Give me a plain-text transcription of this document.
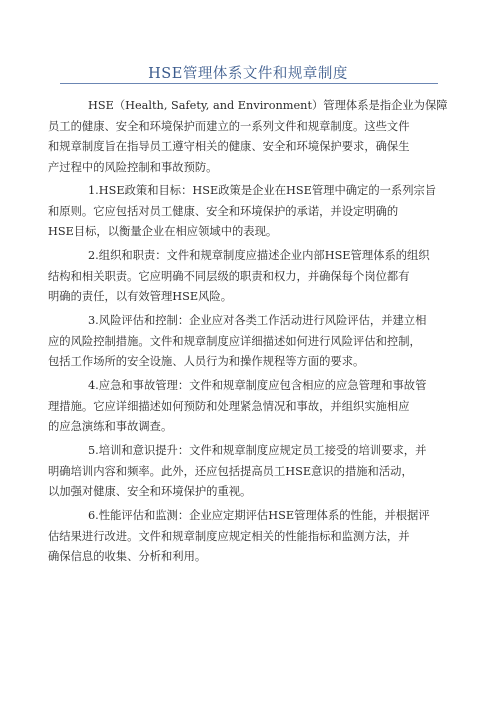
HSE管理体系文件和规章制度
HSE（Health, Safety, and Environment）管理体系是指企业为保障
员工的健康、安全和环境保护而建立的一系列文件和规章制度。这些文件
和规章制度旨在指导员工遵守相关的健康、安全和环境保护要求，确保生
产过程中的风险控制和事故预防。
1.HSE政策和目标：HSE政策是企业在HSE管理中确定的一系列宗旨
和原则。它应包括对员工健康、安全和环境保护的承诺，并设定明确的
HSE目标，以衡量企业在相应领域中的表现。
2.组织和职责：文件和规章制度应描述企业内部HSE管理体系的组织
结构和相关职责。它应明确不同层级的职责和权力，并确保每个岗位都有
明确的责任，以有效管理HSE风险。
3.风险评估和控制：企业应对各类工作活动进行风险评估，并建立相
应的风险控制措施。文件和规章制度应详细描述如何进行风险评估和控制，
包括工作场所的安全设施、人员行为和操作规程等方面的要求。
4.应急和事故管理：文件和规章制度应包含相应的应急管理和事故管
理措施。它应详细描述如何预防和处理紧急情况和事故，并组织实施相应
的应急演练和事故调查。
5.培训和意识提升：文件和规章制度应规定员工接受的培训要求，并
明确培训内容和频率。此外，还应包括提高员工HSE意识的措施和活动，
以加强对健康、安全和环境保护的重视。
6.性能评估和监测：企业应定期评估HSE管理体系的性能，并根据评
估结果进行改进。文件和规章制度应规定相关的性能指标和监测方法，并
确保信息的收集、分析和利用。
